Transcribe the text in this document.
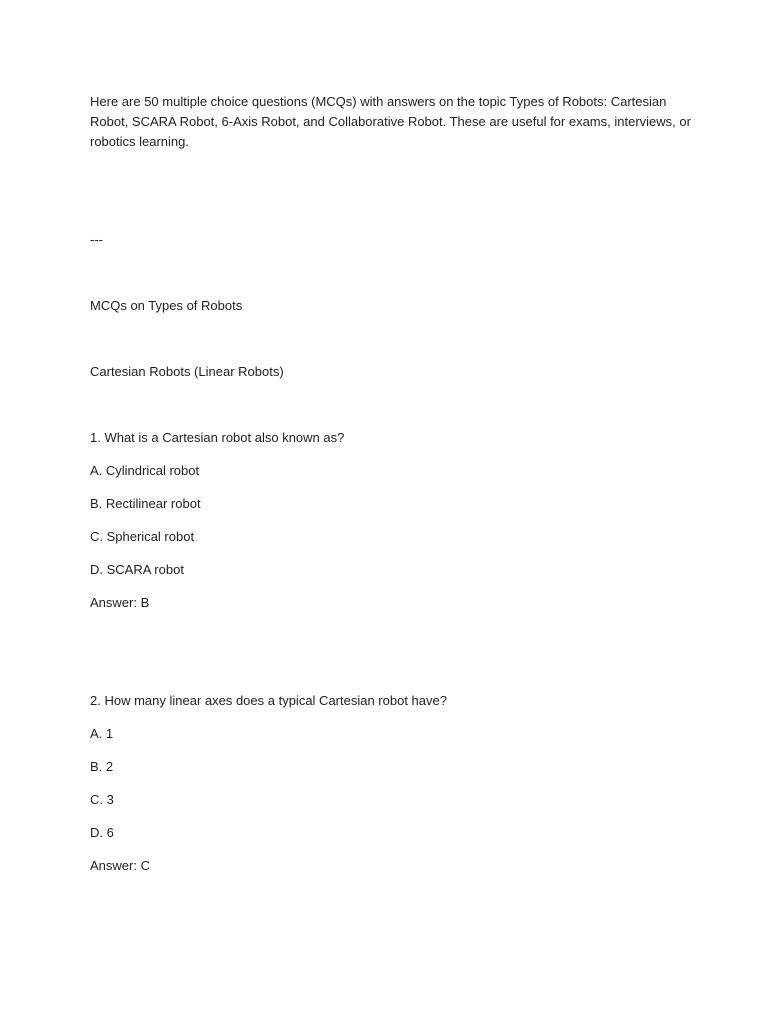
Here are 50 multiple choice questions (MCQs) with answers on the topic Types of Robots: Cartesian
Robot, SCARA Robot, 6-Axis Robot, and Collaborative Robot. These are useful for exams, interviews, or
robotics learning.
---
MCQs on Types of Robots
Cartesian Robots (Linear Robots)
1. What is a Cartesian robot also known as?
A. Cylindrical robot
B. Rectilinear robot
C. Spherical robot
D. SCARA robot
Answer: B
2. How many linear axes does a typical Cartesian robot have?
A. 1
B. 2
C. 3
D. 6
Answer: C
